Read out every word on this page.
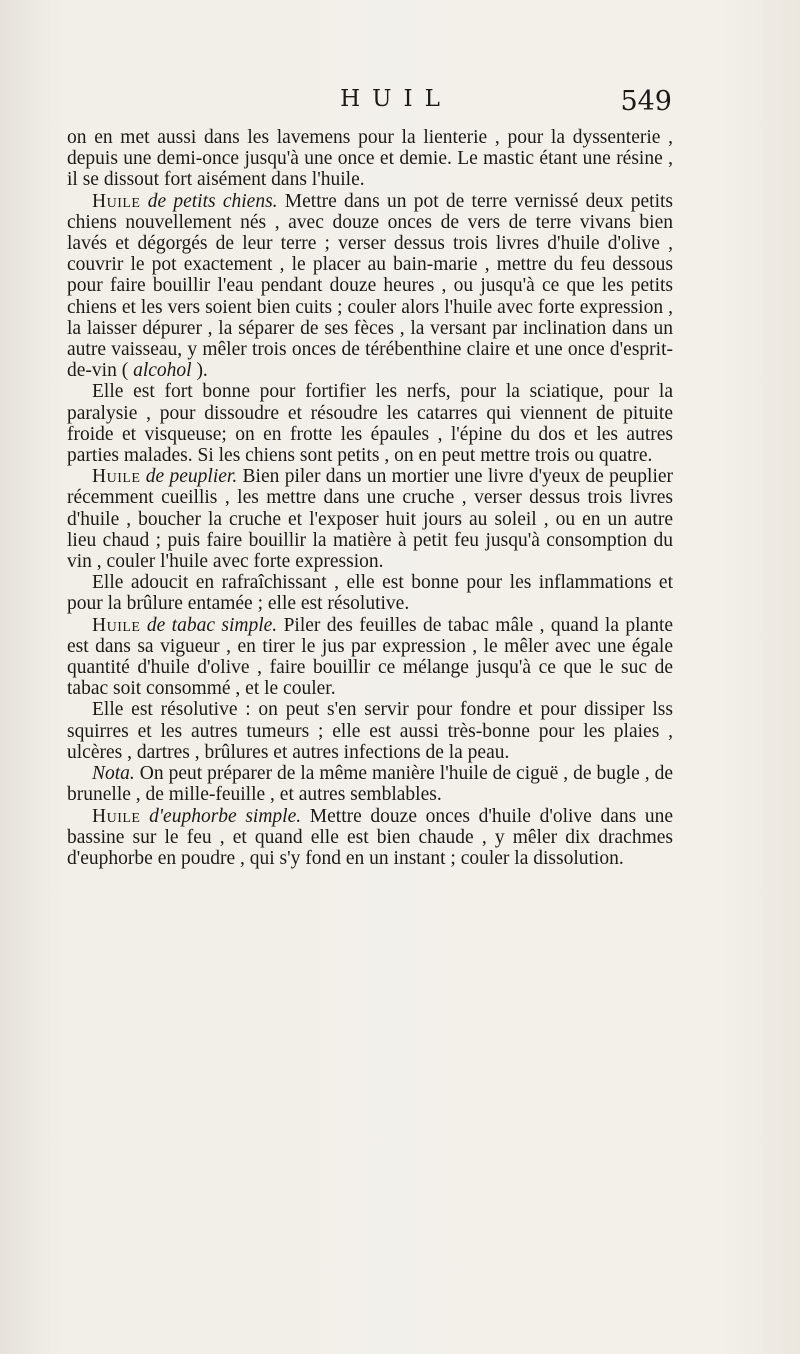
HUIL	549

on en met aussi dans les lavemens pour la lienterie , pour la dyssenterie , depuis une demi-once jusqu'à une once et demie. Le mastic étant une résine , il se dissout fort aisément dans l'huile.

Huile de petits chiens. Mettre dans un pot de terre vernissé deux petits chiens nouvellement nés , avec douze onces de vers de terre vivans bien lavés et dégorgés de leur terre ; verser dessus trois livres d'huile d'olive , couvrir le pot exactement , le placer au bain-marie , mettre du feu dessous pour faire bouillir l'eau pendant douze heures , ou jusqu'à ce que les petits chiens et les vers soient bien cuits ; couler alors l'huile avec forte expression , la laisser dépurer , la séparer de ses fèces , la versant par inclination dans un autre vaisseau, y mêler trois onces de térébenthine claire et une once d'esprit-de-vin ( alcohol ).

Elle est fort bonne pour fortifier les nerfs, pour la sciatique, pour la paralysie , pour dissoudre et résoudre les catarres qui viennent de pituite froide et visqueuse; on en frotte les épaules , l'épine du dos et les autres parties malades. Si les chiens sont petits , on en peut mettre trois ou quatre.

Huile de peuplier. Bien piler dans un mortier une livre d'yeux de peuplier récemment cueillis , les mettre dans une cruche , verser dessus trois livres d'huile , boucher la cruche et l'exposer huit jours au soleil , ou en un autre lieu chaud ; puis faire bouillir la matière à petit feu jusqu'à consomption du vin , couler l'huile avec forte expression.

Elle adoucit en rafraîchissant , elle est bonne pour les inflammations et pour la brûlure entamée ; elle est résolutive.

Huile de tabac simple. Piler des feuilles de tabac mâle , quand la plante est dans sa vigueur , en tirer le jus par expression , le mêler avec une égale quantité d'huile d'olive , faire bouillir ce mélange jusqu'à ce que le suc de tabac soit consommé , et le couler.

Elle est résolutive : on peut s'en servir pour fondre et pour dissiper lss squirres et les autres tumeurs ; elle est aussi très-bonne pour les plaies , ulcères , dartres , brûlures et autres infections de la peau.

Nota. On peut préparer de la même manière l'huile de ciguë , de bugle , de brunelle , de mille-feuille , et autres semblables.

Huile d'euphorbe simple. Mettre douze onces d'huile d'olive dans une bassine sur le feu , et quand elle est bien chaude , y mêler dix drachmes d'euphorbe en poudre , qui s'y fond en un instant ; couler la dissolution.
